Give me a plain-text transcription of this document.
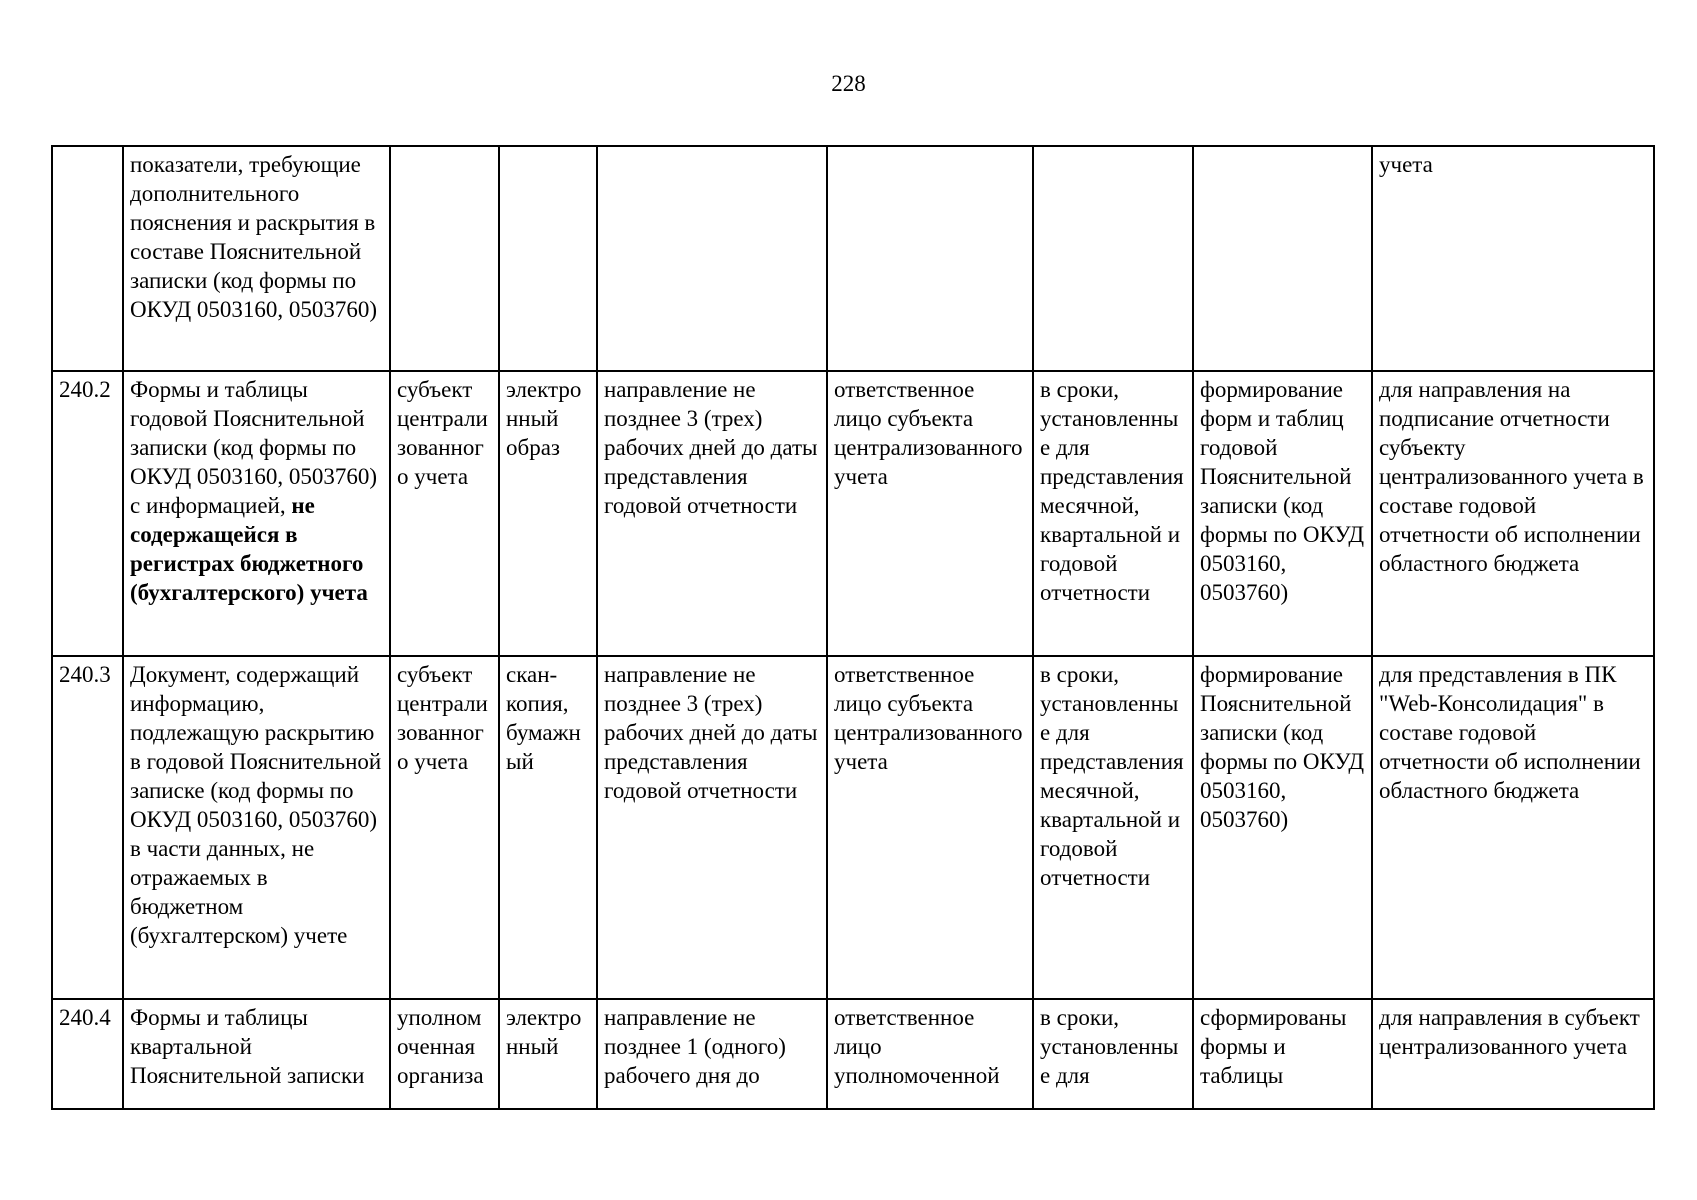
228
	показатели, требующие дополнительного пояснения и раскрытия в составе Пояснительной записки (код формы по ОКУД 0503160, 0503760)							учета
240.2	Формы и таблицы годовой Пояснительной записки (код формы по ОКУД 0503160, 0503760) с информацией, не содержащейся в регистрах бюджетного (бухгалтерского) учета	субъект централизованного учета	электронный образ	направление не позднее 3 (трех) рабочих дней до даты представления годовой отчетности	ответственное лицо субъекта централизованного учета	в сроки, установленные для представления месячной, квартальной и годовой отчетности	формирование форм и таблиц годовой Пояснительной записки (код формы по ОКУД 0503160, 0503760)	для направления на подписание отчетности субъекту централизованного учета в составе годовой отчетности об исполнении областного бюджета
240.3	Документ, содержащий информацию, подлежащую раскрытию в годовой Пояснительной записке (код формы по ОКУД 0503160, 0503760) в части данных, не отражаемых в бюджетном (бухгалтерском) учете	субъект централизованного учета	скан-копия, бумажный	направление не позднее 3 (трех) рабочих дней до даты представления годовой отчетности	ответственное лицо субъекта централизованного учета	в сроки, установленные для представления месячной, квартальной и годовой отчетности	формирование Пояснительной записки (код формы по ОКУД 0503160, 0503760)	для представления в ПК "Web-Консолидация" в составе годовой отчетности об исполнении областного бюджета
240.4	Формы и таблицы квартальной Пояснительной записки	уполномоченная организа	электронный	направление не позднее 1 (одного) рабочего дня до	ответственное лицо уполномоченной	в сроки, установленные для	сформированы формы и таблицы	для направления в субъект централизованного учета
